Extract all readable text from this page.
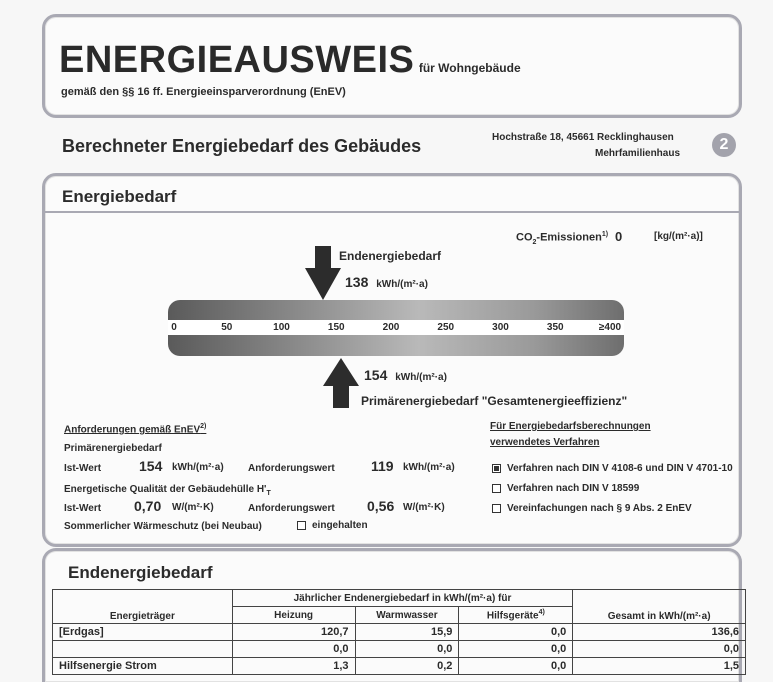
ENERGIEAUSWEIS für Wohngebäude
gemäß den §§ 16 ff. Energieeinsparverordnung (EnEV)
Berechneter Energiebedarf des Gebäudes	Hochstraße 18, 45661 Recklinghausen
Mehrfamilienhaus
2
Energiebedarf
$CO_2-Emissionen^{1)}$ 0	[kg/(m²·a)]
Endenergiebedarf
138 kWh/(m²·a)
0	50	100	150	200	250	300	350	≥400
154 kWh/(m²·a)
Primärenergiebedarf "Gesamtenergieeffizienz"
Anforderungen gemäß EnEV$^{2)}$
Primärenergiebedarf
Ist-Wert	154 kWh/(m²·a) Anforderungswert	119 kWh/(m²·a)
Energetische Qualität der Gebäudehülle $H'_T$
Ist-Wert 0,70 W/(m²·K)	Anforderungswert 0,56 W/(m²·K)
Sommerlicher Wärmeschutz (bei Neubau)	eingehalten
Für Energiebedarfsberechnungen
verwendetes Verfahren
Verfahren nach DIN V 4108-6 und DIN V 4701-10
Verfahren nach DIN V 18599
Vereinfachungen nach § 9 Abs. 2 EnEV
Endenergiebedarf
Energieträger	Jährlicher Endenergiebedarf in kWh/(m²·a) für			Gesamt in kWh/(m²·a)
	Heizung	Warmwasser	Hilfsgeräte$^{4)}$
[Erdgas]	120,7	15,9	0,0	136,6
	0,0	0,0	0,0	0,0
Hilfsenergie Strom	1,3	0,2	0,0	1,5
